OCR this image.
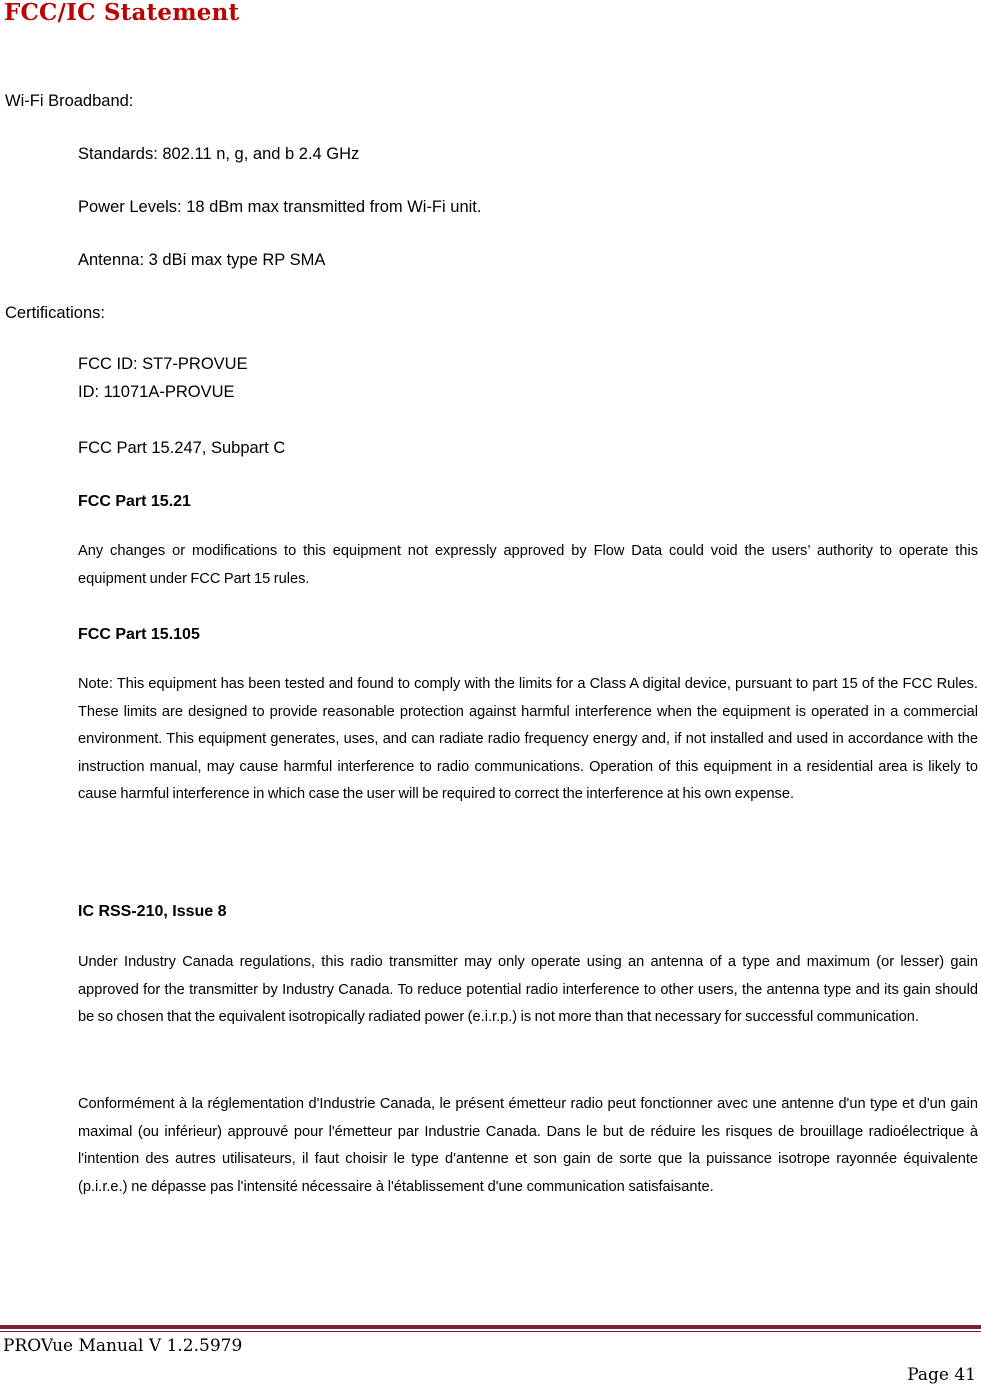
FCC/IC Statement
Wi-Fi Broadband:
Standards: 802.11 n, g, and b 2.4 GHz
Power Levels: 18 dBm max transmitted from Wi-Fi unit.
Antenna: 3 dBi max type RP SMA
Certifications:
FCC ID: ST7-PROVUE
ID: 11071A-PROVUE
FCC Part 15.247, Subpart C
FCC Part 15.21

Any changes or modifications to this equipment not expressly approved by Flow Data could void the users’ authority to operate this equipment under FCC Part 15 rules.

FCC Part 15.105

Note: This equipment has been tested and found to comply with the limits for a Class A digital device, pursuant to part 15 of the FCC Rules. These limits are designed to provide reasonable protection against harmful interference when the equipment is operated in a commercial environment. This equipment generates, uses, and can radiate radio frequency energy and, if not installed and used in accordance with the instruction manual, may cause harmful interference to radio communications. Operation of this equipment in a residential area is likely to cause harmful interference in which case the user will be required to correct the interference at his own expense.

IC RSS-210, Issue 8

Under Industry Canada regulations, this radio transmitter may only operate using an antenna of a type and maximum (or lesser) gain approved for the transmitter by Industry Canada. To reduce potential radio interference to other users, the antenna type and its gain should be so chosen that the equivalent isotropically radiated power (e.i.r.p.) is not more than that necessary for successful communication.

Conformément à la réglementation d'Industrie Canada, le présent émetteur radio peut fonctionner avec une antenne d'un type et d'un gain maximal (ou inférieur) approuvé pour l'émetteur par Industrie Canada. Dans le but de réduire les risques de brouillage radioélectrique à l'intention des autres utilisateurs, il faut choisir le type d'antenne et son gain de sorte que la puissance isotrope rayonnée équivalente (p.i.r.e.) ne dépasse pas l'intensité nécessaire à l'établissement d'une communication satisfaisante.

PROVue Manual V 1.2.5979
Page 41
